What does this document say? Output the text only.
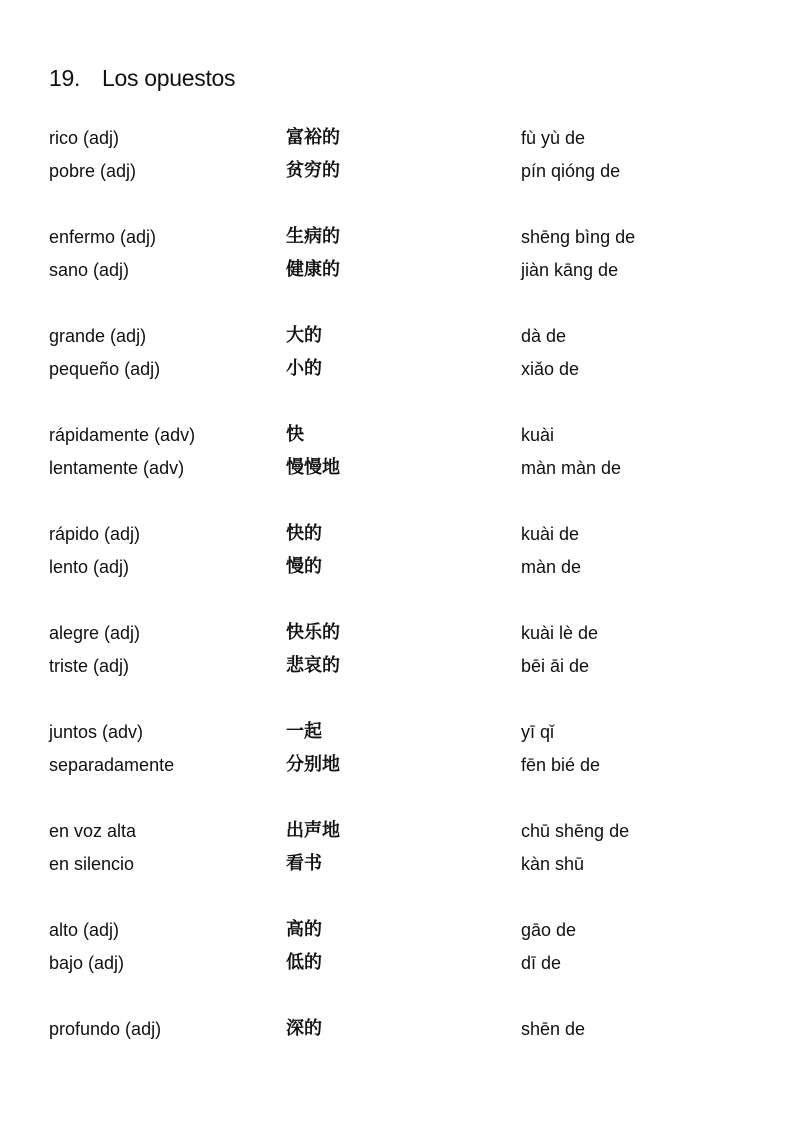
19. Los opuestos
rico (adj)	富裕的	fù yù de
pobre (adj)	贫穷的	pín qióng de
enfermo (adj)	生病的	shēng bìng de
sano (adj)	健康的	jiàn kāng de
grande (adj)	大的	dà de
pequeño (adj)	小的	xiǎo de
rápidamente (adv)	快	kuài
lentamente (adv)	慢慢地	màn màn de
rápido (adj)	快的	kuài de
lento (adj)	慢的	màn de
alegre (adj)	快乐的	kuài lè de
triste (adj)	悲哀的	bēi āi de
juntos (adv)	一起	yī qǐ
separadamente	分别地	fēn bié de
en voz alta	出声地	chū shēng de
en silencio	看书	kàn shū
alto (adj)	高的	gāo de
bajo (adj)	低的	dī de
profundo (adj)	深的	shēn de
